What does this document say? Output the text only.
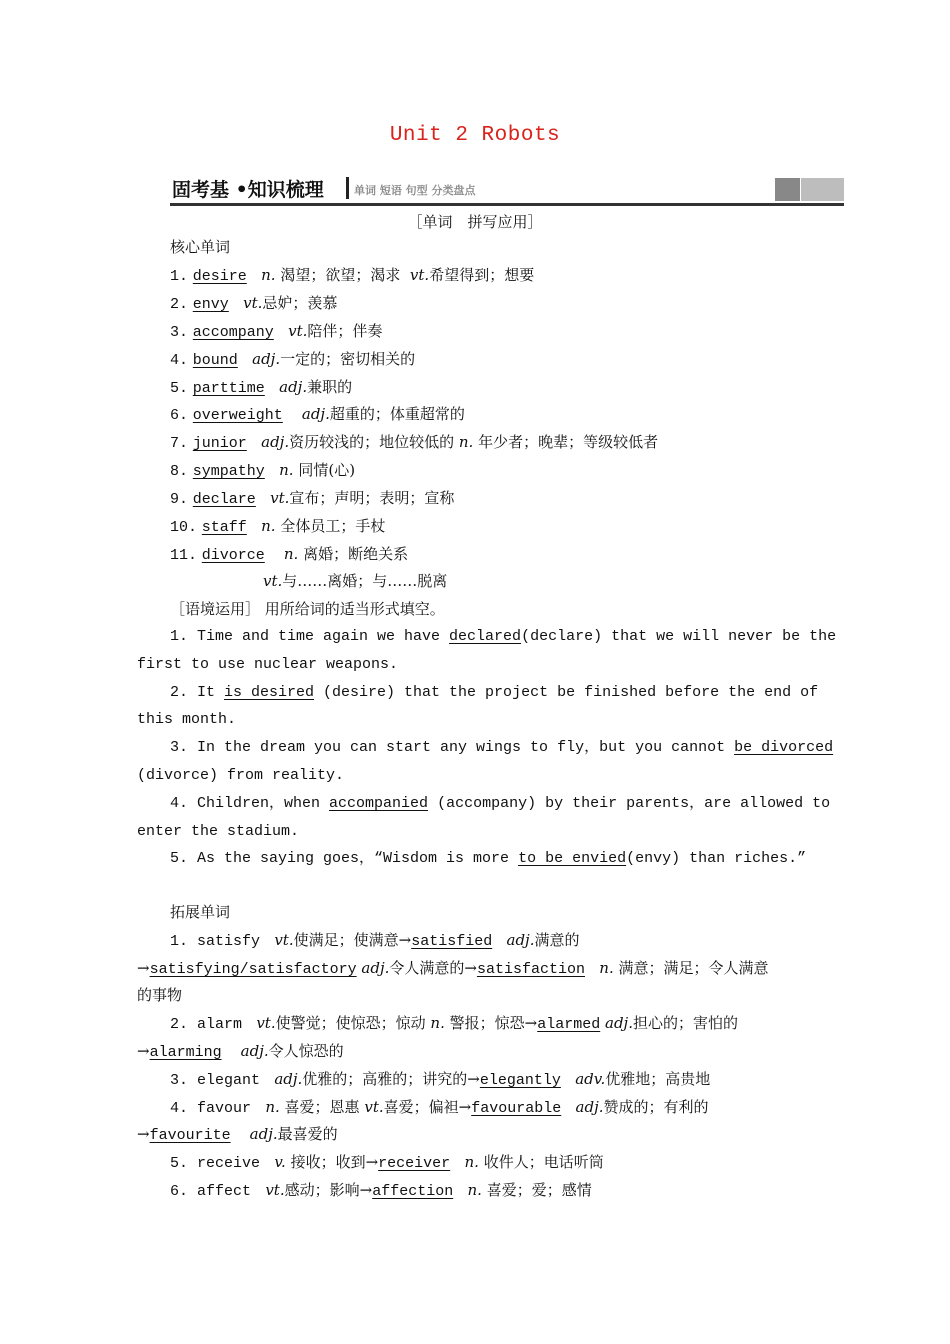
Unit 2 Robots
固考基 •知识梳理	单词 短语 句型 分类盘点
［单词　拼写应用］
核心单词
1. desire n. 渴望；欲望；渴求 vt.希望得到；想要
2. envy vt.忌妒；羡慕
3. accompany vt.陪伴；伴奏
4. bound adj.一定的；密切相关的
5. parttime adj.兼职的
6. overweight adj.超重的；体重超常的
7. junior adj.资历较浅的；地位较低的 n. 年少者；晚辈；等级较低者
8. sympathy n. 同情(心)
9. declare vt.宣布；声明；表明；宣称
10. staff n. 全体员工；手杖
11. divorce n. 离婚；断绝关系
vt.与……离婚；与……脱离
［语境运用］ 用所给词的适当形式填空。
1. Time and time again we have declared(declare) that we will never be the
first to use nuclear weapons.
2. It is desired (desire) that the project be finished before the end of
this month.
3. In the dream you can start any wings to fly，but you cannot be divorced
(divorce) from reality.
4. Children，when accompanied (accompany) by their parents，are allowed to
enter the stadium.
5. As the saying goes，“Wisdom is more to be envied(envy) than riches.”
拓展单词
1. satisfy vt.使满足；使满意→satisfied adj.满意的
→satisfying/satisfactory adj.令人满意的→satisfaction n. 满意；满足；令人满意
的事物
2. alarm vt.使警觉；使惊恐；惊动 n. 警报；惊恐→alarmed adj.担心的；害怕的
→alarming adj.令人惊恐的
3. elegant adj.优雅的；高雅的；讲究的→elegantly adv.优雅地；高贵地
4. favour n. 喜爱；恩惠 vt.喜爱；偏袒→favourable adj.赞成的；有利的
→favourite adj.最喜爱的
5. receive v. 接收；收到→receiver n. 收件人；电话听筒
6. affect vt.感动；影响→affection n. 喜爱；爱；感情
